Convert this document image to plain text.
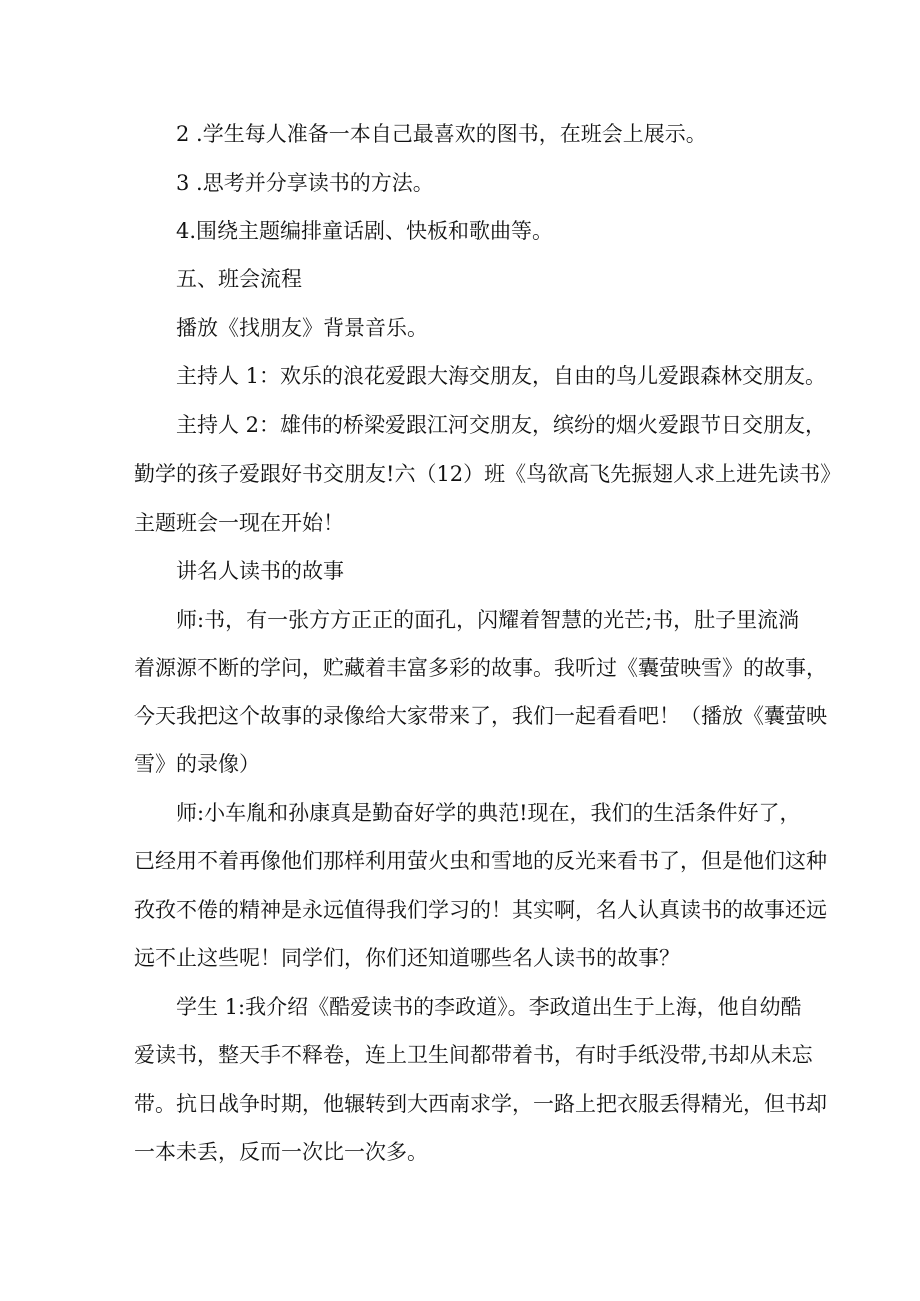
2 .学生每人准备一本自己最喜欢的图书，在班会上展示。
3 .思考并分享读书的方法。
4.围绕主题编排童话剧、快板和歌曲等。
五、班会流程
播放《找朋友》背景音乐。
主持人 1：欢乐的浪花爱跟大海交朋友，自由的鸟儿爱跟森林交朋友。
主持人 2：雄伟的桥梁爱跟江河交朋友，缤纷的烟火爱跟节日交朋友，
勤学的孩子爱跟好书交朋友!六（12）班《鸟欲高飞先振翅人求上进先读书》
主题班会一现在开始！
讲名人读书的故事
师:书，有一张方方正正的面孔，闪耀着智慧的光芒;书，肚子里流淌
着源源不断的学问，贮藏着丰富多彩的故事。我听过《囊萤映雪》的故事，
今天我把这个故事的录像给大家带来了，我们一起看看吧！（播放《囊萤映
雪》的录像）
师:小车胤和孙康真是勤奋好学的典范!现在，我们的生活条件好了，
已经用不着再像他们那样利用萤火虫和雪地的反光来看书了，但是他们这种
孜孜不倦的精神是永远值得我们学习的！其实啊，名人认真读书的故事还远
远不止这些呢！同学们，你们还知道哪些名人读书的故事？
学生 1:我介绍《酷爱读书的李政道》。李政道出生于上海，他自幼酷
爱读书，整天手不释卷，连上卫生间都带着书，有时手纸没带,书却从未忘
带。抗日战争时期，他辗转到大西南求学，一路上把衣服丢得精光，但书却
一本未丢，反而一次比一次多。
